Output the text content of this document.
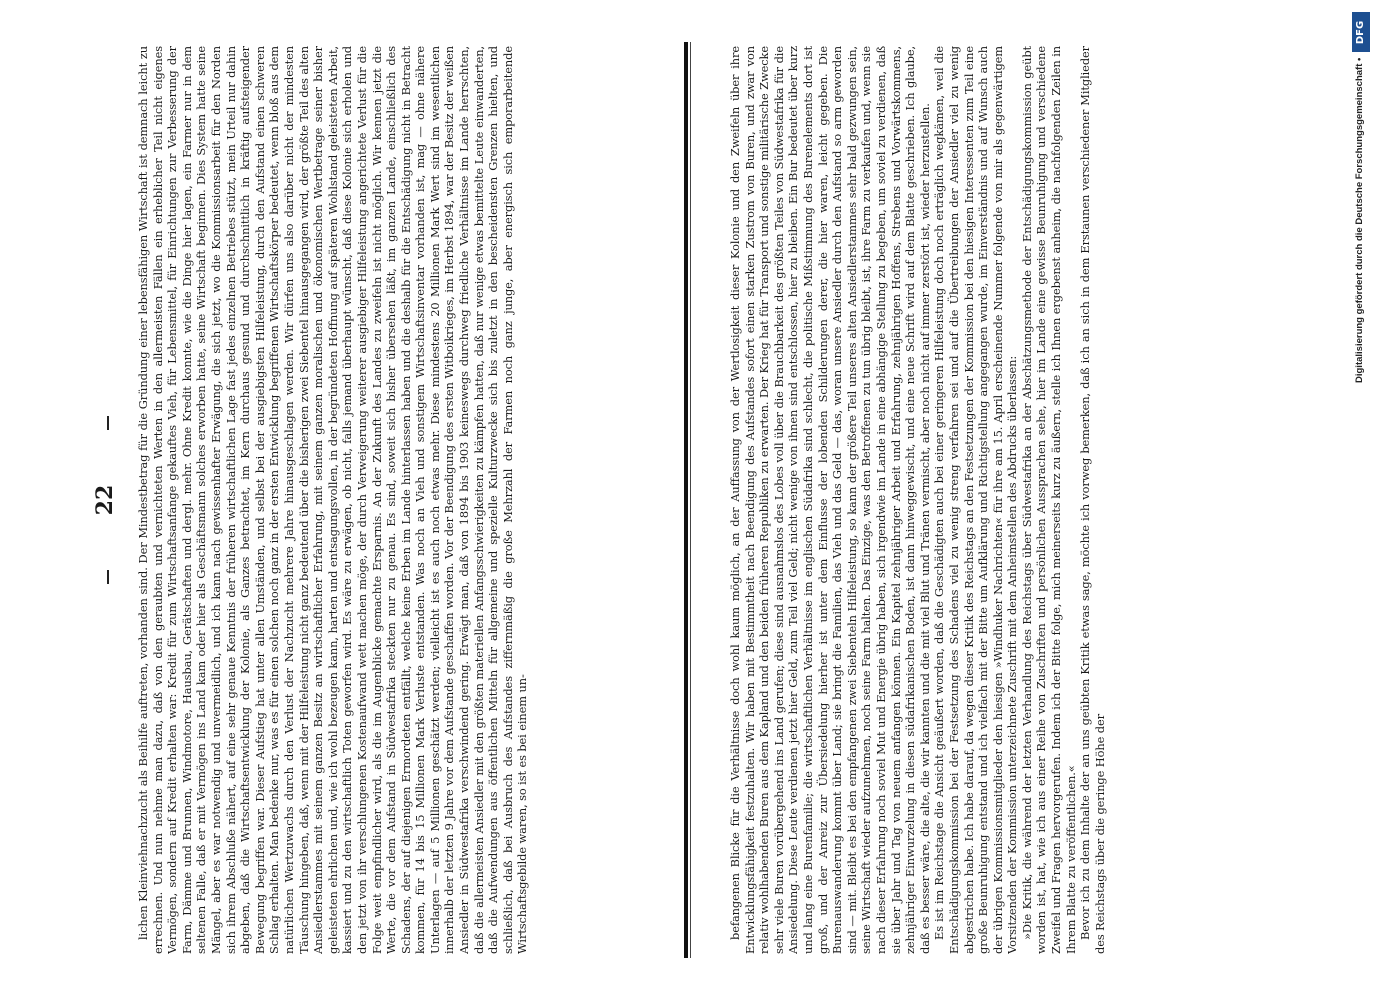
22	lichen Kleinviehnachzucht als Beihilfe auftreten, vorhanden sind. Der Mindestbetrag für die Gründung einer lebensfähigen Wirtschaft ist demnach leicht zu errechnen. Und nun nehme man dazu, daß von den geraubten und vernichteten Werten in den allermeisten Fällen ein erheblicher Teil nicht eigenes Vermögen, sondern auf Kredit erhalten war: Kredit für zum Wirtschaftsanfange gekauftes Vieh, für Lebensmittel, für Einrichtungen zur Verbesserung der Farm, Dämme und Brunnen, Windmotore, Hausbau, Gerätschaften und dergl. mehr. Ohne Kredit konnte, wie die Dinge hier lagen, ein Farmer nur in dem seltenen Falle, daß er mit Vermögen ins Land kam oder hier als Geschäftsmann solches erworben hatte, seine Wirtschaft beginnen. Dies System hatte seine Mängel, aber es war notwendig und unvermeidlich, und ich kann nach gewissenhafter Erwägung, die sich jetzt, wo die Kommissionsarbeit für den Norden sich ihrem Abschluße nähert, auf eine sehr genaue Kenntnis der früheren wirtschaftlichen Lage fast jedes einzelnen Betriebes stützt, mein Urteil nur dahin abgeben, daß die Wirtschaftsentwicklung der Kolonie, als Ganzes betrachtet, im Kern durchaus gesund und durchschnittlich in kräftig aufsteigender Bewegung begriffen war. Dieser Aufstieg hat unter allen Umständen, und selbst bei der ausgiebigsten Hilfeleistung, durch den Aufstand einen schweren Schlag erhalten. Man bedenke nur, was es für einen solchen noch ganz in der ersten Entwicklung begriffenen Wirtschaftskörper bedeutet, wenn bloß aus dem natürlichen Wertzuwachs durch den Verlust der Nachzucht mehrere Jahre hinausgeschlagen werden. Wir dürfen uns also darüber nicht der mindesten Täuschung hingeben, daß, wenn mit der Hilfeleistung nicht ganz bedeutend über die bisherigen zwei Siebentel hinausgegangen wird, der größte Teil des alten Ansiedlerstammes mit seinem ganzen Besitz an wirtschaftlicher Erfahrung, mit seinem ganzen moralischen und ökonomischen Wertbetrage seiner bisher geleisteten ehrlichen und, wie ich wohl bezeugen kann, harten und entsagungsvollen, in der begründeten Hoffnung auf späteren Wohlstand geleisteten Arbeit, kassiert und zu den wirtschaftlich Toten geworfen wird. Es wäre zu erwägen, ob nicht, falls jemand überhaupt wünscht, daß diese Kolonie sich erholen und den jetzt von ihr verschlungenen Kostenaufwand wett machen möge, der durch Verweigerung weiterer ausgiebiger Hilfeleistung angerichtete Verlust für die Folge weit empfindlicher wird, als die im Augenblicke gemachte Ersparnis. An der Zukunft des Landes zu zweifeln ist nicht möglich. Wir kennen jetzt die Werte, die vor dem Aufstand in Südwestafrika steckten nur zu genau. Es sind, soweit sich bisher übersehen läßt, im ganzen Lande, einschließlich des Schadens, der auf diejenigen Ermordeten entfällt, welche keine Erben im Lande hinterlassen haben und die deshalb für die Entschädigung nicht in Betracht kommen, für 14 bis 15 Millionen Mark Verluste entstanden. Was noch an Vieh und sonstigem Wirtschaftsinventar vorhanden ist, mag — ohne nähere Unterlagen — auf 5 Millionen geschätzt werden; vielleicht ist es auch noch etwas mehr. Diese mindestens 20 Millionen Mark Wert sind im wesentlichen innerhalb der letzten 9 Jahre vor dem Aufstande geschaffen worden. Vor der Beendigung des ersten Witboikrieges, im Herbst 1894, war der Besitz der weißen Ansiedler in Südwestafrika verschwindend gering. Erwägt man, daß von 1894 bis 1903 keineswegs durchweg friedliche Verhältnisse im Lande herrschten, daß die allermeisten Ansiedler mit den größten materiellen Anfangsschwierigkeiten zu kämpfen hatten, daß nur wenige etwas bemittelte Leute einwanderten, daß die Aufwendungen aus öffentlichen Mitteln für allgemeine und spezielle Kulturzwecke sich bis zuletzt in den bescheidensten Grenzen hielten, und schließlich, daß bei Ausbruch des Aufstandes ziffernmäßig die große Mehrzahl der Farmen noch ganz junge, aber energisch sich emporarbeitende Wirtschaftsgebilde waren, so ist es bei einem un-	befangenen Blicke für die Verhältnisse doch wohl kaum möglich, an der Auffassung von der Wertlosigkeit dieser Kolonie und den Zweifeln über ihre Entwicklungsfähigkeit festzuhalten. Wir haben mit Bestimmtheit nach Beendigung des Aufstandes sofort einen starken Zustrom von Buren, und zwar von relativ wohlhabenden Buren aus dem Kapland und den beiden früheren Republiken zu erwarten. Der Krieg hat für Transport und sonstige militärische Zwecke sehr viele Buren vorübergehend ins Land gerufen; diese sind ausnahmslos des Lobes voll über die Brauchbarkeit des größten Teiles von Südwestafrika für die Ansiedelung. Diese Leute verdienen jetzt hier Geld, zum Teil viel Geld; nicht wenige von ihnen sind entschlossen, hier zu bleiben. Ein Bur bedeutet über kurz und lang eine Burenfamilie; die wirtschaftlichen Verhältnisse im englischen Südafrika sind schlecht, die politische Mißstimmung des Burenelements dort ist groß, und der Anreiz zur Übersiedelung hierher ist unter dem Einflusse der lobenden Schilderungen derer, die hier waren, leicht gegeben. Die Burenauswanderung kommt über Land; sie bringt die Familien, das Vieh und das Geld — das, woran unsere Ansiedler durch den Aufstand so arm geworden sind — mit. Bleibt es bei den empfangenen zwei Siebenteln Hilfeleistung, so kann der größere Teil unseres alten Ansiedlerstammes sehr bald gezwungen sein, seine Wirtschaft wieder aufzunehmen, noch seine Farm halten. Das Einzige, was den Betroffenen zu tun übrig bleibt, ist, ihre Farm zu verkaufen und, wenn sie nach dieser Erfahrung noch soviel Mut und Energie übrig haben, sich irgendwie im Lande in eine abhängige Stellung zu begeben, um soviel zu verdienen, daß sie über Jahr und Tag von neuem anfangen können. Ein Kapitel zehnjähriger Arbeit und Erfahrung, zehnjährigen Hoffens, Strebens und Vorwärtskommens, zehnjähriger Einwurzelung in diesen südafrikanischen Boden, ist dann hinweggewischt, und eine neue Schrift wird auf dem Blatte geschrieben. Ich glaube, daß es besser wäre, die alte, die wir kannten und die mit viel Blut und Tränen vermischt, aber noch nicht auf immer zerstört ist, wieder herzustellen. Es ist im Reichstage die Ansicht geäußert worden, daß die Geschädigten auch bei einer geringeren Hilfeleistung doch noch erträglich wegkämen, weil die Entschädigungskommission bei der Festsetzung des Schadens viel zu wenig streng verfahren sei und auf die Übertreibungen der Ansiedler viel zu wenig abgestrichen habe. Ich habe darauf, da wegen dieser Kritik des Reichstags an den Festsetzungen der Kommission bei den hiesigen Interessenten zum Teil eine große Beunruhigung entstand und ich vielfach mit der Bitte um Aufklärung und Richtigstellung angegangen wurde, im Einverständnis und auf Wunsch auch der übrigen Kommissionsmitglieder den hiesigen »Windhuker Nachrichten« für ihre am 15. April erscheinende Nummer folgende von mir als gegenwärtigem Vorsitzenden der Kommission unterzeichnete Zuschrift mit dem Anheimstellen des Abdrucks überlassen: »Die Kritik, die während der letzten Verhandlung des Reichstags über Südwestafrika an der Abschätzungsmethode der Entschädigungskommission geübt worden ist, hat, wie ich aus einer Reihe von Zuschriften und persönlichen Aussprachen sehe, hier im Lande eine gewisse Beunruhigung und verschiedene Zweifel und Fragen hervorgerufen. Indem ich der Bitte folge, mich meinerseits kurz zu äußern, stelle ich Ihnen ergebenst anheim, die nachfolgenden Zeilen in Ihrem Blatte zu veröffentlichen.« Bevor ich zu dem Inhalte der an uns geübten Kritik etwas sage, möchte ich vorweg bemerken, daß ich an sich in dem Erstaunen verschiedener Mitglieder des Reichstags über die geringe Höhe der

DFG
Digitalisierung gefördert durch die Deutsche Forschungsgemeinschaft •
